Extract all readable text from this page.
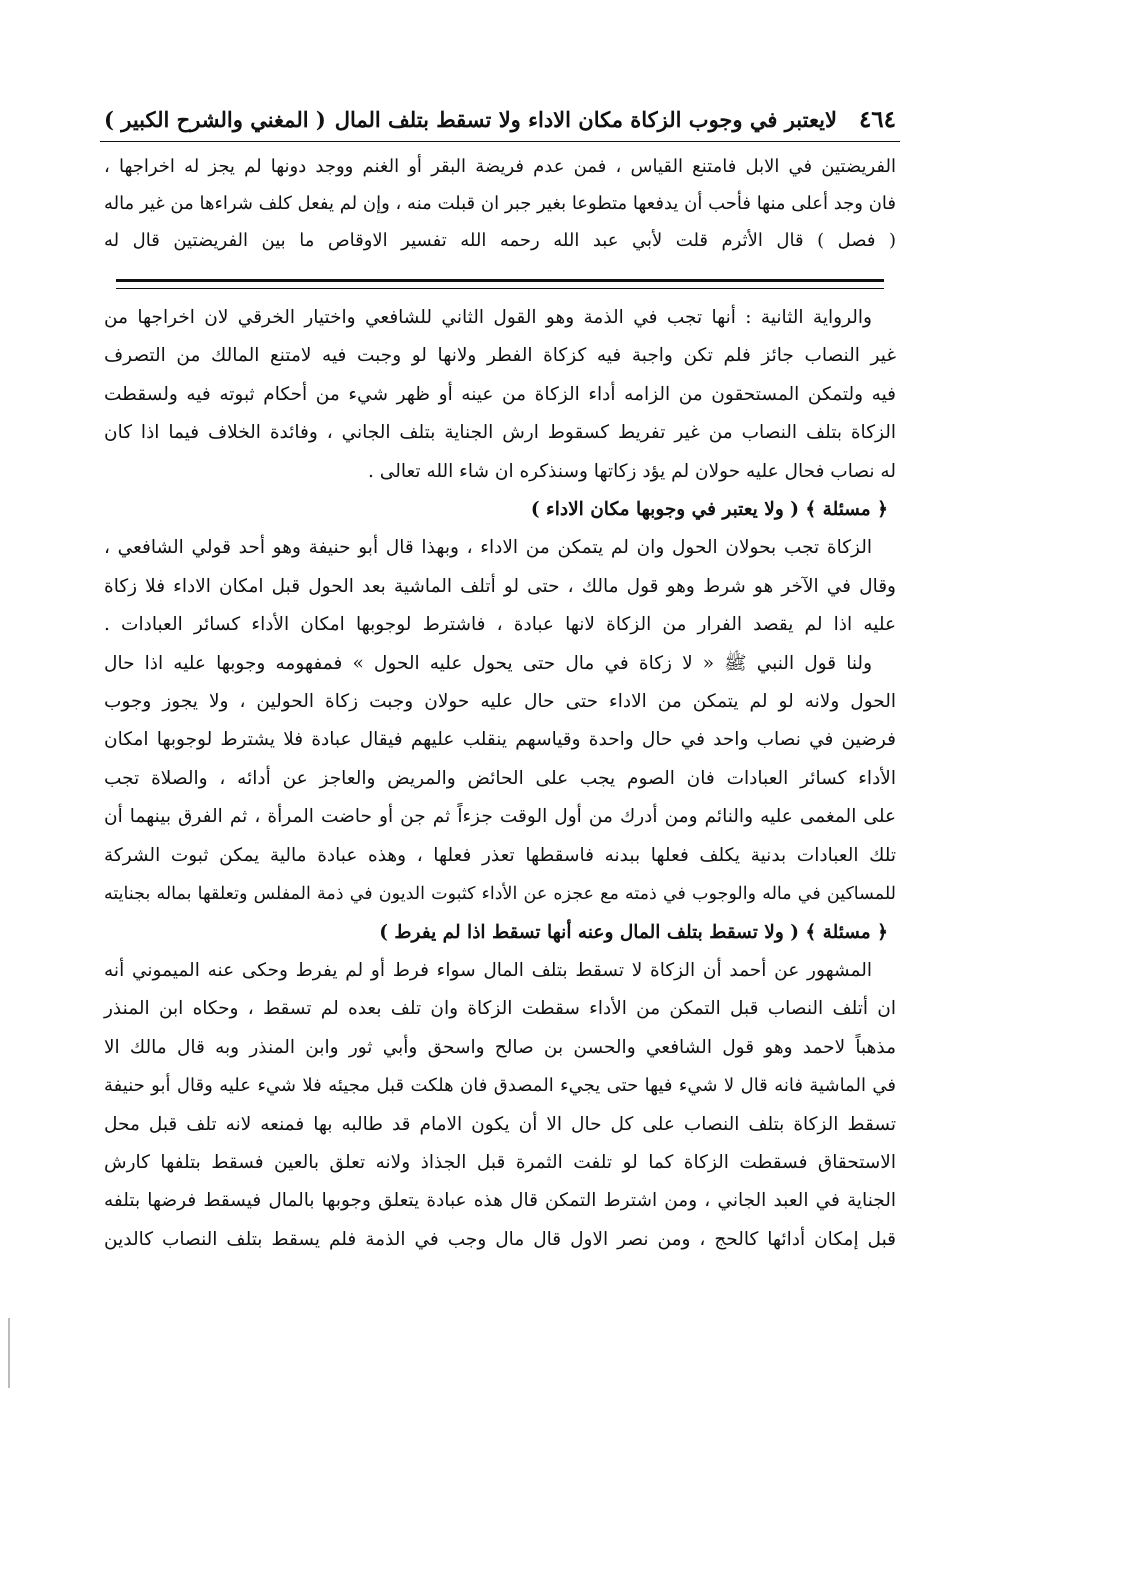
٤٦٤
لايعتبر في وجوب الزكاة مكان الاداء ولا تسقط بتلف المال
( المغني والشرح الكبير )
الفريضتين في الابل فامتنع القياس ، فمن عدم فريضة البقر أو الغنم ووجد دونها لم يجز له اخراجها ،
فان وجد أعلى منها فأحب أن يدفعها متطوعا بغير جبر ان قبلت منه ، وإن لم يفعل كلف شراءها من غير ماله
( فصل ) قال الأثرم قلت لأبي عبد الله رحمه الله تفسير الاوقاص ما بين الفريضتين قال له
والرواية الثانية : أنها تجب في الذمة وهو القول الثاني للشافعي واختيار الخرقي لان اخراجها من
غير النصاب جائز فلم تكن واجبة فيه كزكاة الفطر ولانها لو وجبت فيه لامتنع المالك من التصرف
فيه ولتمكن المستحقون من الزامه أداء الزكاة من عينه أو ظهر شيء من أحكام ثبوته فيه ولسقطت
الزكاة بتلف النصاب من غير تفريط كسقوط ارش الجناية بتلف الجاني ، وفائدة الخلاف فيما اذا كان
له نصاب فحال عليه حولان لم يؤد زكاتها وسنذكره ان شاء الله تعالى .
﴿ مسئلة ﴾ ( ولا يعتبر في وجوبها مكان الاداء )
الزكاة تجب بحولان الحول وان لم يتمكن من الاداء ، وبهذا قال أبو حنيفة وهو أحد قولي الشافعي ،
وقال في الآخر هو شرط وهو قول مالك ، حتى لو أتلف الماشية بعد الحول قبل امكان الاداء فلا زكاة
عليه اذا لم يقصد الفرار من الزكاة لانها عبادة ، فاشترط لوجوبها امكان الأداء كسائر العبادات .
ولنا قول النبي ﷺ « لا زكاة في مال حتى يحول عليه الحول » فمفهومه وجوبها عليه اذا حال
الحول ولانه لو لم يتمكن من الاداء حتى حال عليه حولان وجبت زكاة الحولين ، ولا يجوز وجوب
فرضين في نصاب واحد في حال واحدة وقياسهم ينقلب عليهم فيقال عبادة فلا يشترط لوجوبها امكان
الأداء كسائر العبادات فان الصوم يجب على الحائض والمريض والعاجز عن أدائه ، والصلاة تجب
على المغمى عليه والنائم ومن أدرك من أول الوقت جزءاً ثم جن أو حاضت المرأة ، ثم الفرق بينهما أن
تلك العبادات بدنية يكلف فعلها ببدنه فاسقطها تعذر فعلها ، وهذه عبادة مالية يمكن ثبوت الشركة
للمساكين في ماله والوجوب في ذمته مع عجزه عن الأداء كثبوت الديون في ذمة المفلس وتعلقها بماله بجنايته
﴿ مسئلة ﴾ ( ولا تسقط بتلف المال وعنه أنها تسقط اذا لم يفرط )
المشهور عن أحمد أن الزكاة لا تسقط بتلف المال سواء فرط أو لم يفرط وحكى عنه الميموني أنه
ان أتلف النصاب قبل التمكن من الأداء سقطت الزكاة وان تلف بعده لم تسقط ، وحكاه ابن المنذر
مذهباً لاحمد وهو قول الشافعي والحسن بن صالح واسحق وأبي ثور وابن المنذر وبه قال مالك الا
في الماشية فانه قال لا شيء فيها حتى يجيء المصدق فان هلكت قبل مجيئه فلا شيء عليه وقال أبو حنيفة
تسقط الزكاة بتلف النصاب على كل حال الا أن يكون الامام قد طالبه بها فمنعه لانه تلف قبل محل
الاستحقاق فسقطت الزكاة كما لو تلفت الثمرة قبل الجذاذ ولانه تعلق بالعين فسقط بتلفها كارش
الجناية في العبد الجاني ، ومن اشترط التمكن قال هذه عبادة يتعلق وجوبها بالمال فيسقط فرضها بتلفه
قبل إمكان أدائها كالحج ، ومن نصر الاول قال مال وجب في الذمة فلم يسقط بتلف النصاب كالدين
